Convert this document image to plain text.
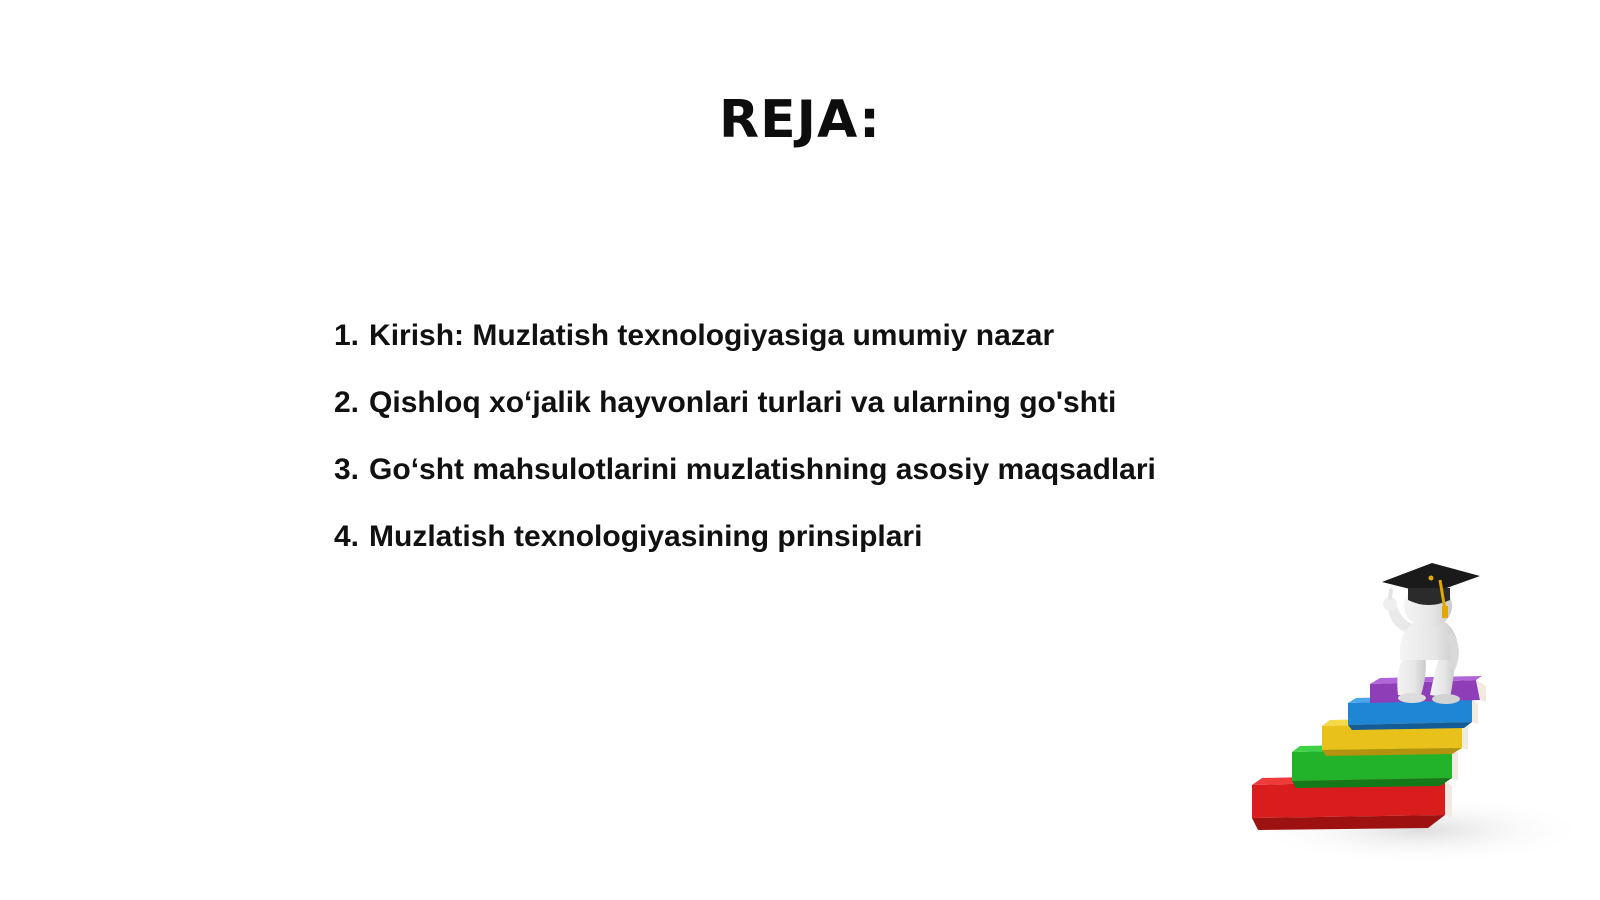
REJA:
1. Kirish: Muzlatish texnologiyasiga umumiy nazar
2. Qishloq xo‘jalik hayvonlari turlari va ularning go'shti
3. Go‘sht mahsulotlarini muzlatishning asosiy maqsadlari
4. Muzlatish texnologiyasining prinsiplari
